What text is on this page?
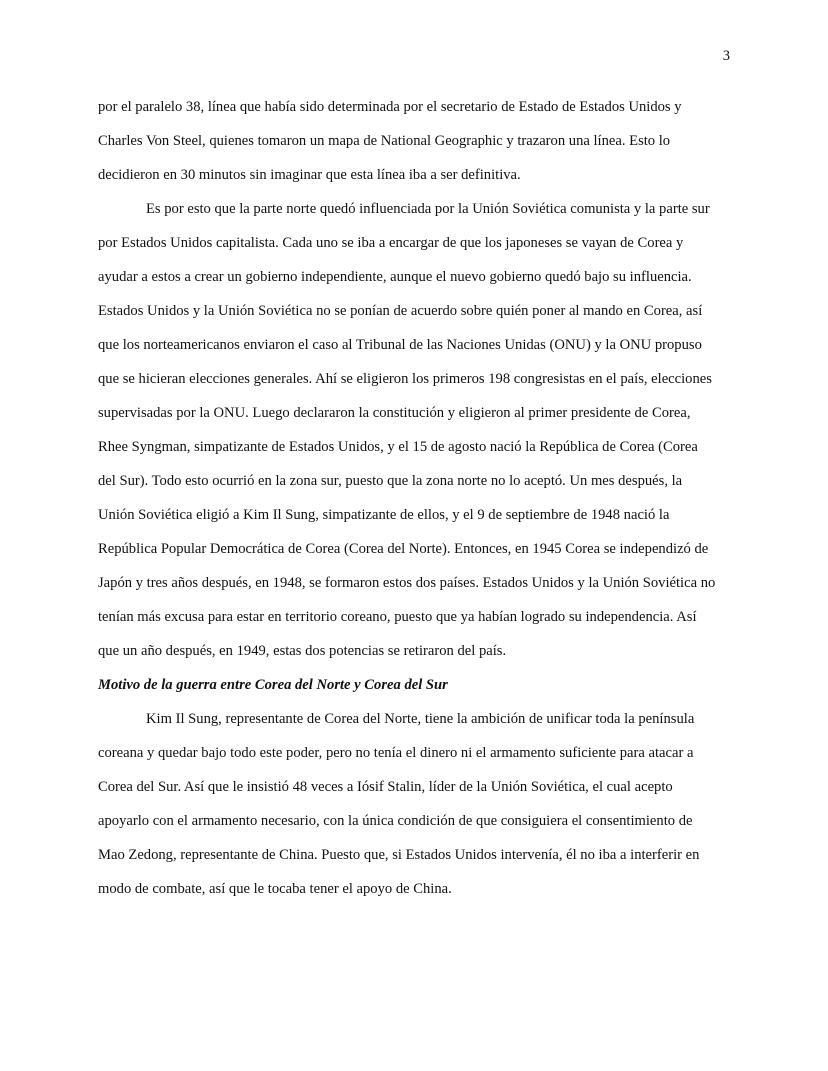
3

por el paralelo 38, línea que había sido determinada por el secretario de Estado de Estados Unidos y
Charles Von Steel, quienes tomaron un mapa de National Geographic y trazaron una línea. Esto lo
decidieron en 30 minutos sin imaginar que esta línea iba a ser definitiva.

Es por esto que la parte norte quedó influenciada por la Unión Soviética comunista y la parte sur
por Estados Unidos capitalista. Cada uno se iba a encargar de que los japoneses se vayan de Corea y
ayudar a estos a crear un gobierno independiente, aunque el nuevo gobierno quedó bajo su influencia.
Estados Unidos y la Unión Soviética no se ponían de acuerdo sobre quién poner al mando en Corea, así
que los norteamericanos enviaron el caso al Tribunal de las Naciones Unidas (ONU) y la ONU propuso
que se hicieran elecciones generales. Ahí se eligieron los primeros 198 congresistas en el país, elecciones
supervisadas por la ONU. Luego declararon la constitución y eligieron al primer presidente de Corea,
Rhee Syngman, simpatizante de Estados Unidos, y el 15 de agosto nació la República de Corea (Corea
del Sur). Todo esto ocurrió en la zona sur, puesto que la zona norte no lo aceptó. Un mes después, la
Unión Soviética eligió a Kim Il Sung, simpatizante de ellos, y el 9 de septiembre de 1948 nació la
República Popular Democrática de Corea (Corea del Norte). Entonces, en 1945 Corea se independizó de
Japón y tres años después, en 1948, se formaron estos dos países. Estados Unidos y la Unión Soviética no
tenían más excusa para estar en territorio coreano, puesto que ya habían logrado su independencia. Así
que un año después, en 1949, estas dos potencias se retiraron del país.

Motivo de la guerra entre Corea del Norte y Corea del Sur

Kim Il Sung, representante de Corea del Norte, tiene la ambición de unificar toda la península
coreana y quedar bajo todo este poder, pero no tenía el dinero ni el armamento suficiente para atacar a
Corea del Sur. Así que le insistió 48 veces a Iósif Stalin, líder de la Unión Soviética, el cual acepto
apoyarlo con el armamento necesario, con la única condición de que consiguiera el consentimiento de
Mao Zedong, representante de China. Puesto que, si Estados Unidos intervenía, él no iba a interferir en
modo de combate, así que le tocaba tener el apoyo de China.
